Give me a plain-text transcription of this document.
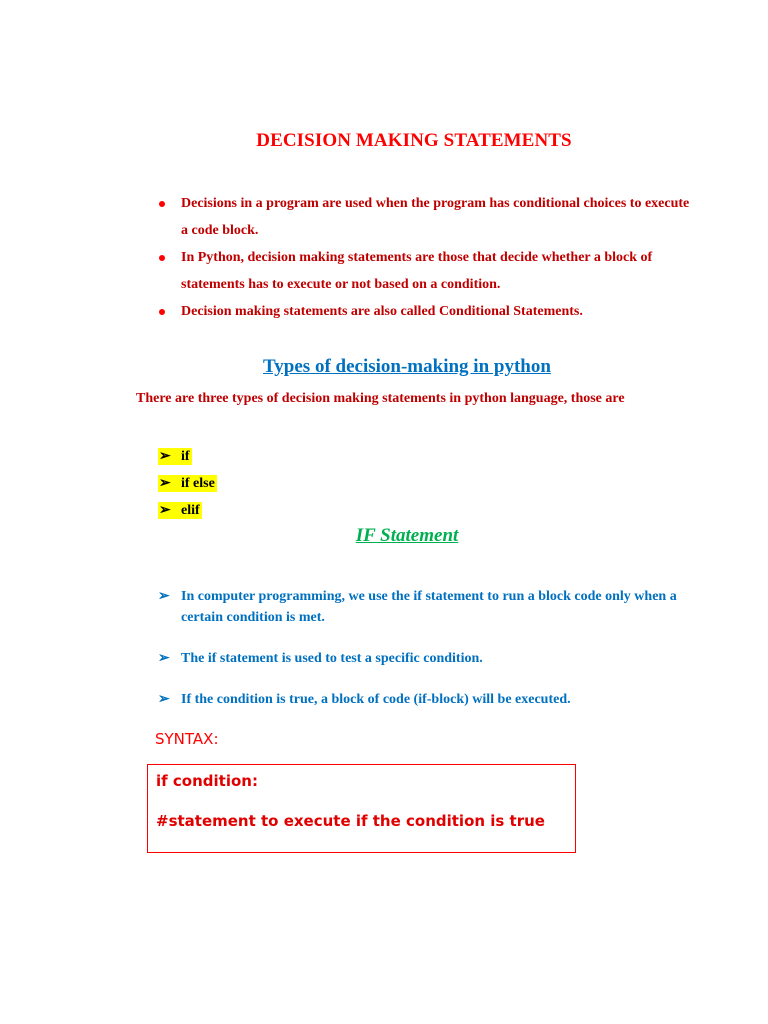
DECISION MAKING STATEMENTS
Decisions in a program are used when the program has conditional choices to execute a code block.
In Python, decision making statements are those that decide whether a block of statements has to execute or not based on a condition.
Decision making statements are also called Conditional Statements.
Types of decision-making in python

There are three types of decision making statements in python language, those are

➢ if
➢ if else
➢ elif
IF Statement
➢ In computer programming, we use the if statement to run a block code only when a certain condition is met.
➢ The if statement is used to test a specific condition.
➢ If the condition is true, a block of code (if-block) will be executed.

SYNTAX:

if condition:

#statement to execute if the condition is true
